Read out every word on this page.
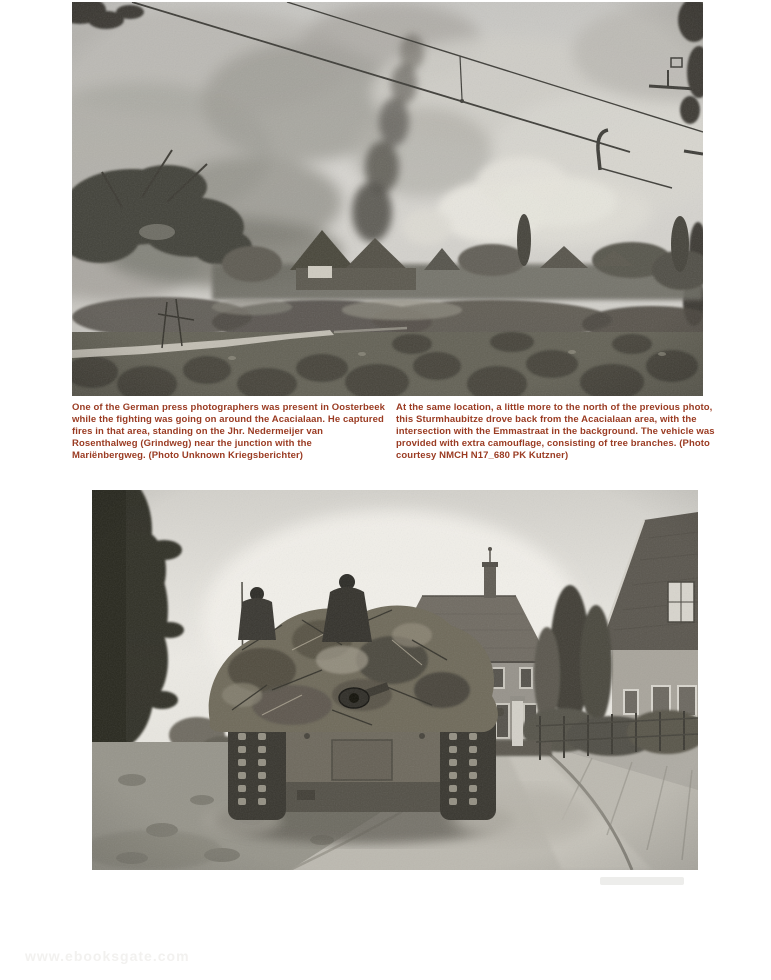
One of the German press photographers was present in Oosterbeek while the fighting was going on around the Acacialaan. He captured fires in that area, standing on the Jhr. Nedermeijer van Rosenthalweg (Grindweg) near the junction with the Mariënbergweg. (Photo Unknown Kriegsberichter)

At the same location, a little more to the north of the previous photo, this Sturmhaubitze drove back from the Acacialaan area, with the intersection with the Emmastraat in the background. The vehicle was provided with extra camouflage, consisting of tree branches. (Photo courtesy NMCH N17_680 PK Kutzner)

www.ebooksgate.com
